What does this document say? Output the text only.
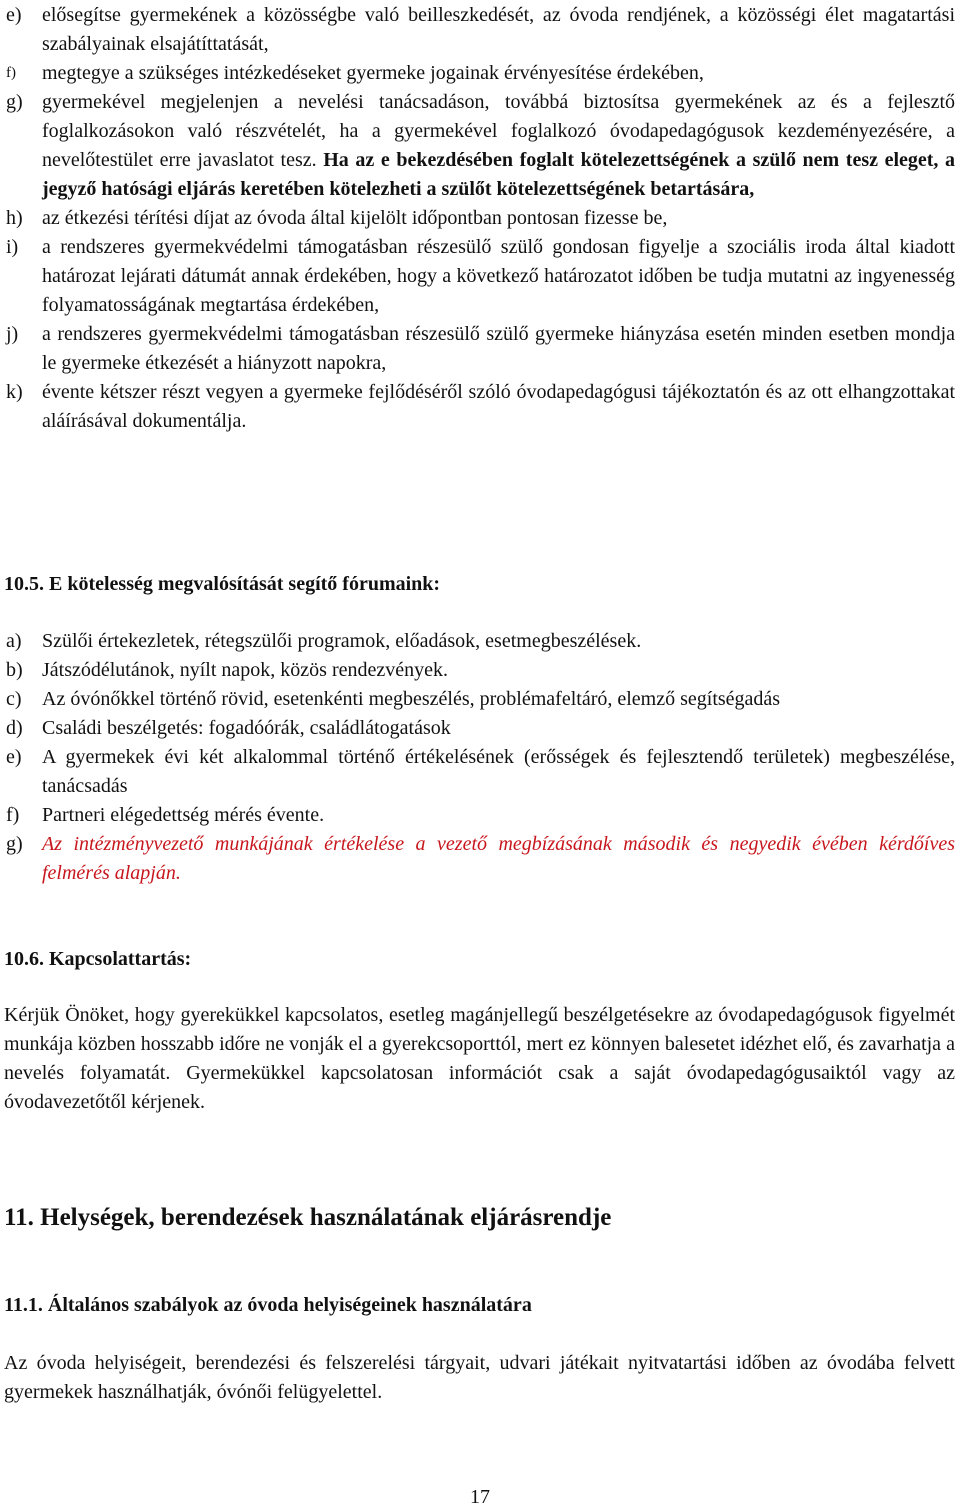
e)	elősegítse gyermekének a közösségbe való beilleszkedését, az óvoda rendjének, a közösségi élet magatartási szabályainak elsajátíttatását,
f)	megtegye a szükséges intézkedéseket gyermeke jogainak érvényesítése érdekében,
g) gyermekével megjelenjen a nevelési tanácsadáson, továbbá biztosítsa gyermekének az és a fejlesztő foglalkozásokon való részvételét, ha a gyermekével foglalkozó óvodapedagógusok kezdeményezésére, a nevelőtestület erre javaslatot tesz. Ha az e bekezdésében foglalt kötelezettségének a szülő nem tesz eleget, a jegyző hatósági eljárás keretében kötelezheti a szülőt kötelezettségének betartására,
h) az étkezési térítési díjat az óvoda által kijelölt időpontban pontosan fizesse be,
i)	a rendszeres gyermekvédelmi támogatásban részesülő szülő gondosan figyelje a szociális iroda által kiadott határozat lejárati dátumát annak érdekében, hogy a következő határozatot időben be tudja mutatni az ingyenesség folyamatosságának megtartása érdekében,
j)	a rendszeres gyermekvédelmi támogatásban részesülő szülő gyermeke hiányzása esetén minden esetben mondja le gyermeke étkezését a hiányzott napokra,
k) évente kétszer részt vegyen a gyermeke fejlődéséről szóló óvodapedagógusi tájékoztatón és az ott elhangzottakat aláírásával dokumentálja.
10.5. E kötelesség megvalósítását segítő fórumaink:
a)	Szülői értekezletek, rétegszülői programok, előadások, esetmegbeszélések.
b) Játszódélutánok, nyílt napok, közös rendezvények.
c)	Az óvónőkkel történő rövid, esetenkénti megbeszélés, problémafeltáró, elemző segítségadás
d) Családi beszélgetés: fogadóórák, családlátogatások
e)	A gyermekek évi két alkalommal történő értékelésének (erősségek és fejlesztendő területek) megbeszélése, tanácsadás
f)	Partneri elégedettség mérés évente.
g) Az intézményvezető munkájának értékelése a vezető megbízásának második és negyedik évében kérdőíves felmérés alapján.
10.6. Kapcsolattartás:
Kérjük Önöket, hogy gyerekükkel kapcsolatos, esetleg magánjellegű beszélgetésekre az óvodapedagógusok figyelmét munkája közben hosszabb időre ne vonják el a gyerekcsoporttól, mert ez könnyen balesetet idézhet elő, és zavarhatja a nevelés folyamatát. Gyermekükkel kapcsolatosan információt csak a saját óvodapedagógusaiktól vagy az óvodavezetőtől kérjenek.
11. Helységek, berendezések használatának eljárásrendje
11.1. Általános szabályok az óvoda helyiségeinek használatára
Az óvoda helyiségeit, berendezési és felszerelési tárgyait, udvari játékait nyitvatartási időben az óvodába felvett gyermekek használhatják, óvónői felügyelettel.
17
